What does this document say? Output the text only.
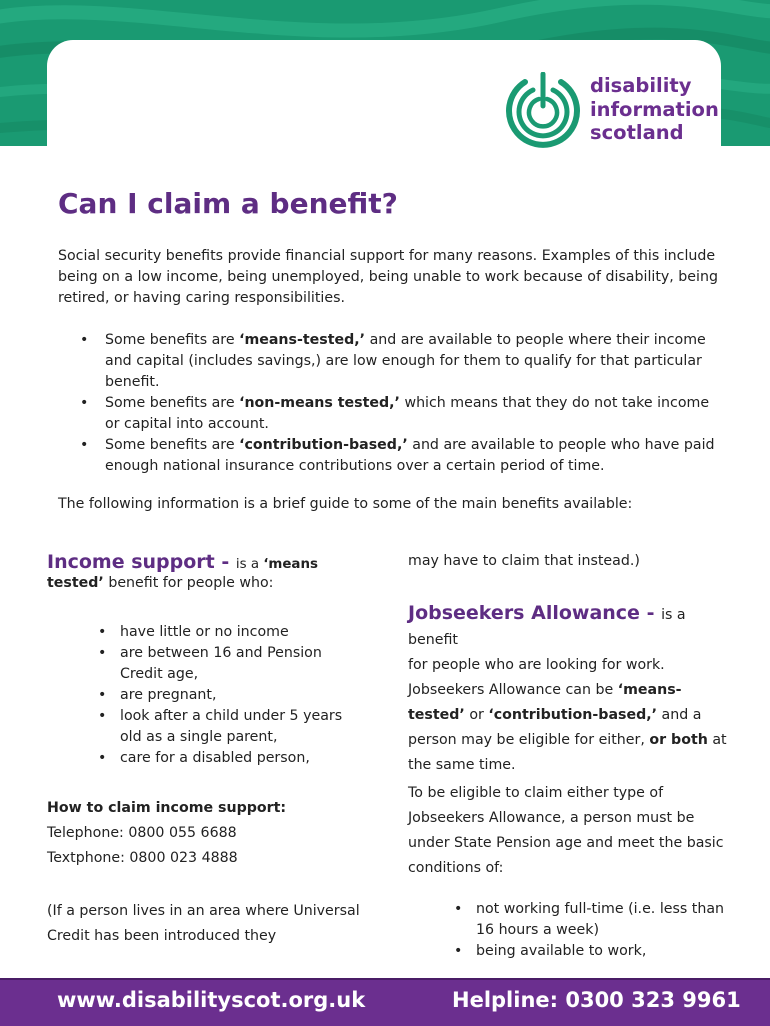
disability
information
scotland
Can I claim a benefit?

Social security benefits provide financial support for many reasons. Examples of this include being on a low income, being unemployed, being unable to work because of disability, being retired, or having caring responsibilities.

• Some benefits are ‘means-tested,’ and are available to people where their income and capital (includes savings,) are low enough for them to qualify for that particular benefit.
• Some benefits are ‘non-means tested,’ which means that they do not take income or capital into account.
• Some benefits are ‘contribution-based,’ and are available to people who have paid enough national insurance contributions over a certain period of time.

The following information is a brief guide to some of the main benefits available:

Income support - is a ‘means
tested’ benefit for people who:
• have little or no income
• are between 16 and Pension Credit age,
• are pregnant,
• look after a child under 5 years old as a single parent,
• care for a disabled person,
How to claim income support:
Telephone: 0800 055 6688
Textphone: 0800 023 4888
(If a person lives in an area where Universal Credit has been introduced they
may have to claim that instead.)
Jobseekers Allowance - is a benefit
for people who are looking for work. Jobseekers Allowance can be ‘means-tested’ or ‘contribution-based,’ and a person may be eligible for either, or both at the same time.
To be eligible to claim either type of Jobseekers Allowance, a person must be under State Pension age and meet the basic conditions of:
• not working full-time (i.e. less than 16 hours a week)
• being available to work,
www.disabilityscot.org.uk	Helpline: 0300 323 9961
